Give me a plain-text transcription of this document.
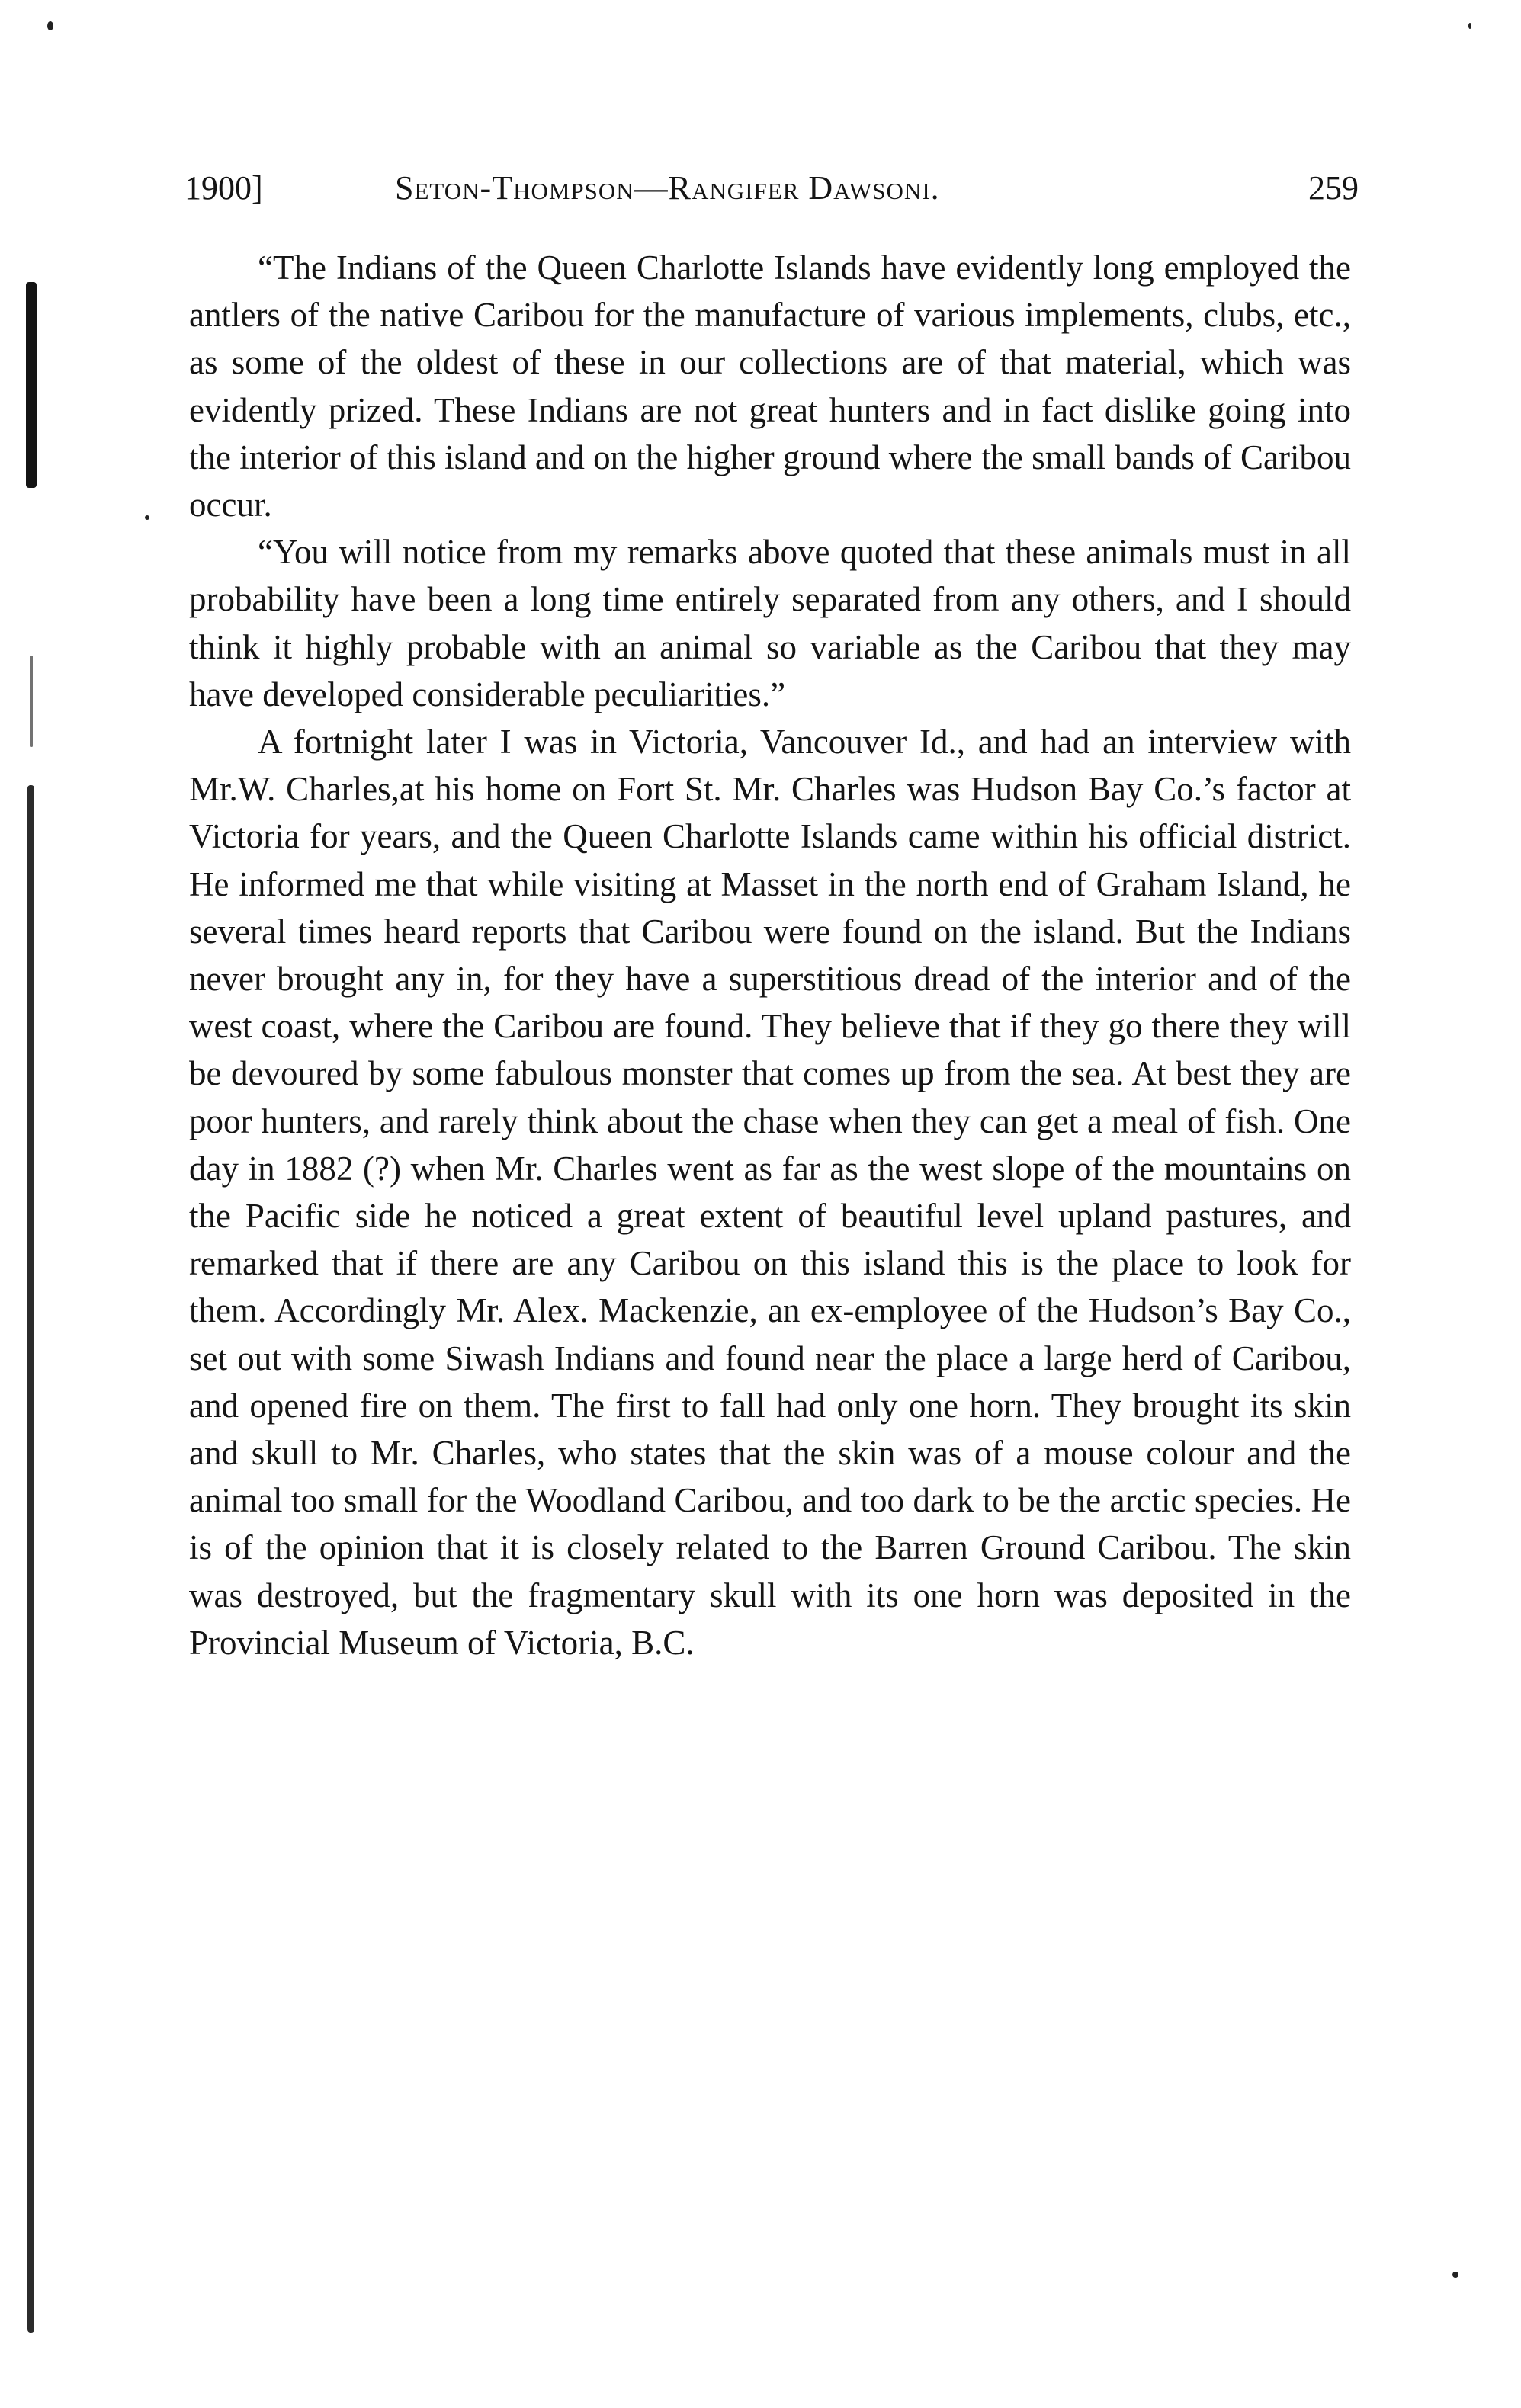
1900]	Seton-Thompson—Rangifer Dawsoni.	259

“The Indians of the Queen Charlotte Islands have evidently long employed the antlers of the native Caribou for the manufacture of various implements, clubs, etc., as some of the oldest of these in our collections are of that material, which was evidently prized. These Indians are not great hunters and in fact dislike going into the interior of this island and on the higher ground where the small bands of Caribou occur.

“You will notice from my remarks above quoted that these animals must in all probability have been a long time entirely separated from any others, and I should think it highly probable with an animal so variable as the Caribou that they may have developed considerable peculiarities.”

A fortnight later I was in Victoria, Vancouver Id., and had an interview with Mr.W. Charles,at his home on Fort St. Mr. Charles was Hudson Bay Co.’s factor at Victoria for years, and the Queen Charlotte Islands came within his official district. He informed me that while visiting at Masset in the north end of Graham Island, he several times heard reports that Caribou were found on the island. But the Indians never brought any in, for they have a superstitious dread of the interior and of the west coast, where the Caribou are found. They believe that if they go there they will be devoured by some fabulous monster that comes up from the sea. At best they are poor hunters, and rarely think about the chase when they can get a meal of fish. One day in 1882 (?) when Mr. Charles went as far as the west slope of the mountains on the Pacific side he noticed a great extent of beautiful level upland pastures, and remarked that if there are any Caribou on this island this is the place to look for them. Accordingly Mr. Alex. Mackenzie, an ex-employee of the Hudson’s Bay Co., set out with some Siwash Indians and found near the place a large herd of Caribou, and opened fire on them. The first to fall had only one horn. They brought its skin and skull to Mr. Charles, who states that the skin was of a mouse colour and the animal too small for the Woodland Caribou, and too dark to be the arctic species. He is of the opinion that it is closely related to the Barren Ground Caribou. The skin was destroyed, but the fragmentary skull with its one horn was deposited in the Provincial Museum of Victoria, B.C.
